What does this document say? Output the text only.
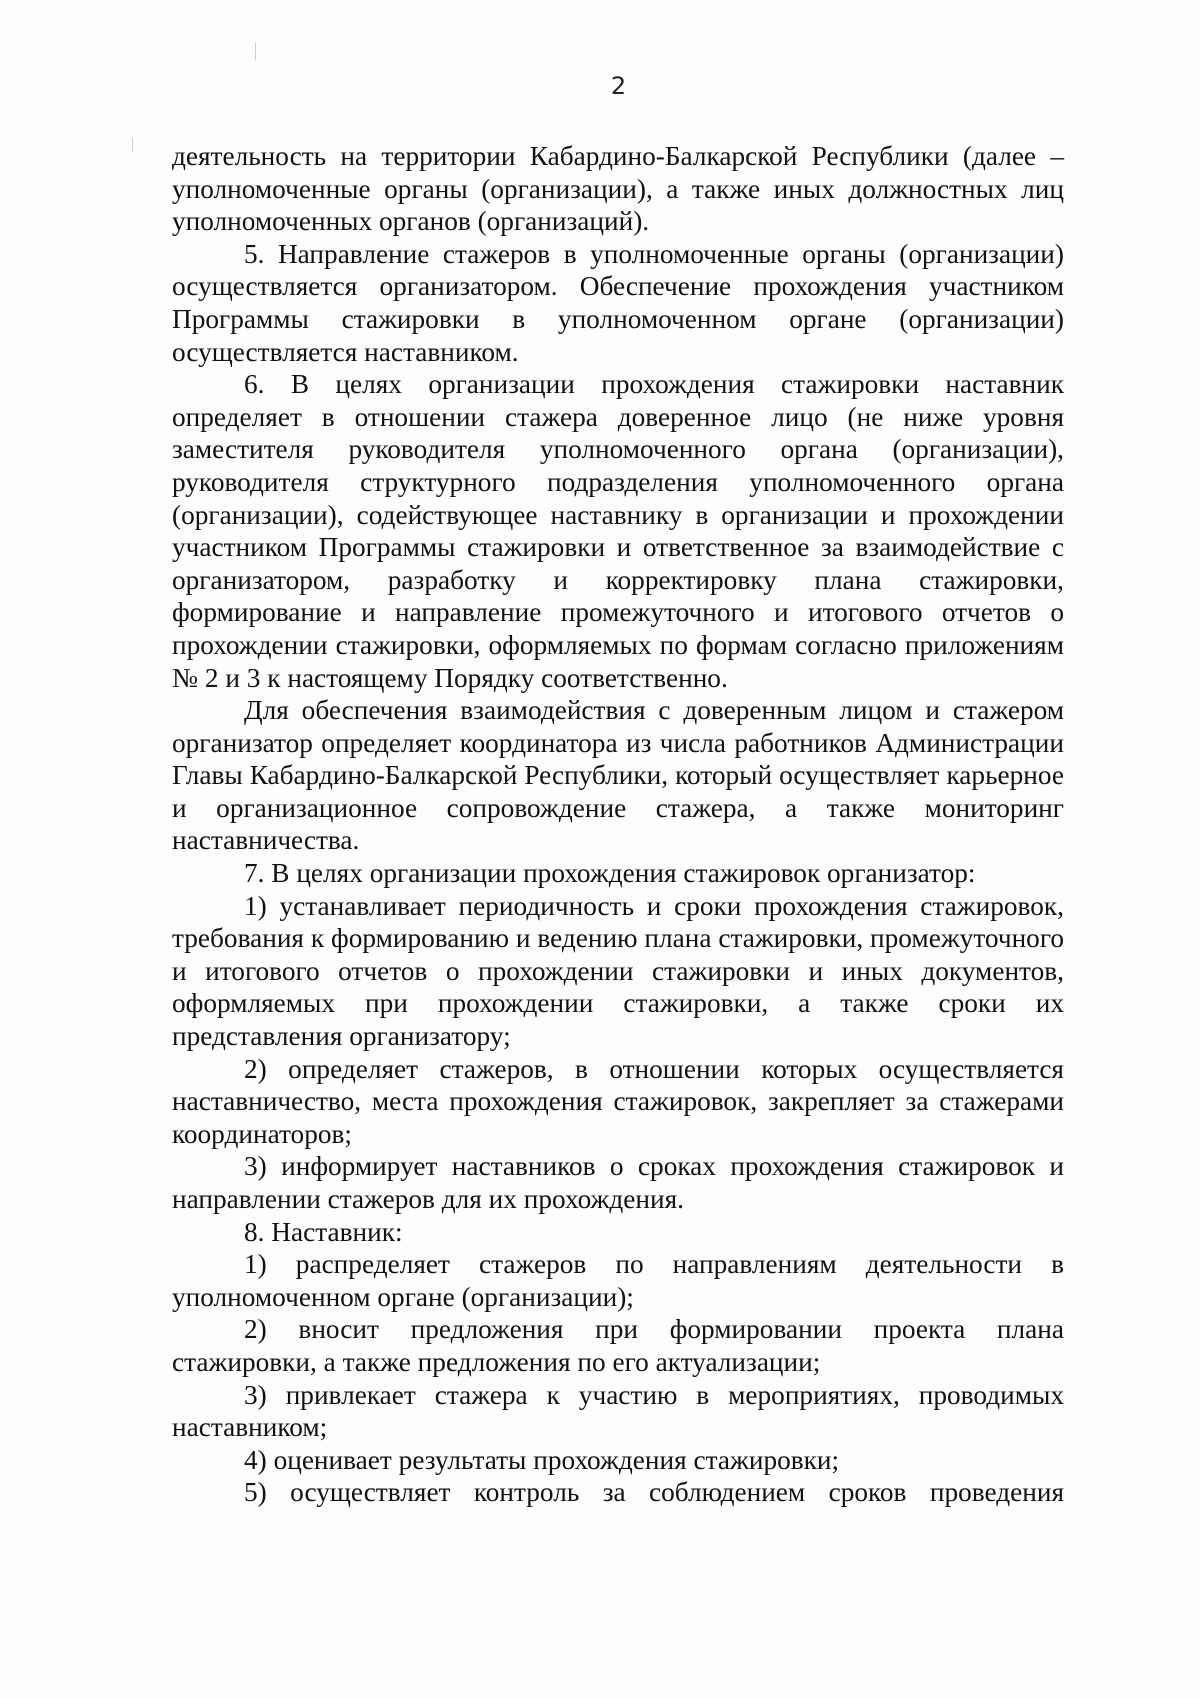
2

деятельность на территории Кабардино-Балкарской Республики (далее – уполномоченные органы (организации), а также иных должностных лиц уполномоченных органов (организаций).

5. Направление стажеров в уполномоченные органы (организации) осуществляется организатором. Обеспечение прохождения участником Программы стажировки в уполномоченном органе (организации) осуществляется наставником.

6. В целях организации прохождения стажировки наставник определяет в отношении стажера доверенное лицо (не ниже уровня заместителя руководителя уполномоченного органа (организации), руководителя структурного подразделения уполномоченного органа (организации), содействующее наставнику в организации и прохождении участником Программы стажировки и ответственное за взаимодействие с организатором, разработку и корректировку плана стажировки, формирование и направление промежуточного и итогового отчетов о прохождении стажировки, оформляемых по формам согласно приложениям № 2 и 3 к настоящему Порядку соответственно.

Для обеспечения взаимодействия с доверенным лицом и стажером организатор определяет координатора из числа работников Администрации Главы Кабардино-Балкарской Республики, который осуществляет карьерное и организационное сопровождение стажера, а также мониторинг наставничества.

7. В целях организации прохождения стажировок организатор:

1) устанавливает периодичность и сроки прохождения стажировок, требования к формированию и ведению плана стажировки, промежуточного и итогового отчетов о прохождении стажировки и иных документов, оформляемых при прохождении стажировки, а также сроки их представления организатору;

2) определяет стажеров, в отношении которых осуществляется наставничество, места прохождения стажировок, закрепляет за стажерами координаторов;

3) информирует наставников о сроках прохождения стажировок и направлении стажеров для их прохождения.

8. Наставник:

1) распределяет стажеров по направлениям деятельности в уполномоченном органе (организации);

2) вносит предложения при формировании проекта плана стажировки, а также предложения по его актуализации;

3) привлекает стажера к участию в мероприятиях, проводимых наставником;

4) оценивает результаты прохождения стажировки;

5) осуществляет контроль за соблюдением сроков проведения
